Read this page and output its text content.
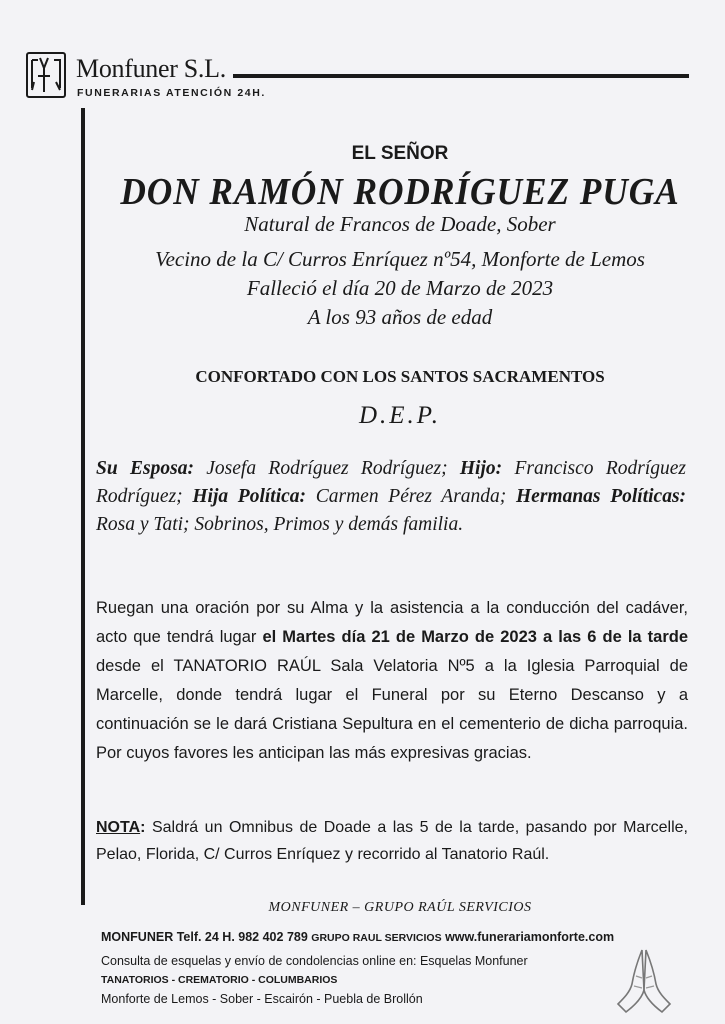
Monfuner S.L.
FUNERARIAS ATENCIÓN 24H.
EL SEÑOR
DON RAMÓN RODRÍGUEZ PUGA
Natural de Francos de Doade, Sober
Vecino de la C/ Curros Enríquez nº54, Monforte de Lemos
Falleció el día 20 de Marzo de 2023
A los 93 años de edad
CONFORTADO CON LOS SANTOS SACRAMENTOS
D.E.P.
Su Esposa: Josefa Rodríguez Rodríguez; Hijo: Francisco Rodríguez Rodríguez; Hija Política: Carmen Pérez Aranda; Hermanas Políticas: Rosa y Tati; Sobrinos, Primos y demás familia.
Ruegan una oración por su Alma y la asistencia a la conducción del cadáver, acto que tendrá lugar el Martes día 21 de Marzo de 2023 a las 6 de la tarde desde el TANATORIO RAÚL Sala Velatoria Nº5 a la Iglesia Parroquial de Marcelle, donde tendrá lugar el Funeral por su Eterno Descanso y a continuación se le dará Cristiana Sepultura en el cementerio de dicha parroquia. Por cuyos favores les anticipan las más expresivas gracias.
NOTA: Saldrá un Omnibus de Doade a las 5 de la tarde, pasando por Marcelle, Pelao, Florida, C/ Curros Enríquez y recorrido al Tanatorio Raúl.
MONFUNER – GRUPO RAÚL SERVICIOS
MONFUNER Telf. 24 H. 982 402 789 GRUPO RAUL SERVICIOS www.funerariamonforte.com
Consulta de esquelas y envío de condolencias online en: Esquelas Monfuner
TANATORIOS - CREMATORIO - COLUMBARIOS
Monforte de Lemos - Sober - Escairón - Puebla de Brollón
